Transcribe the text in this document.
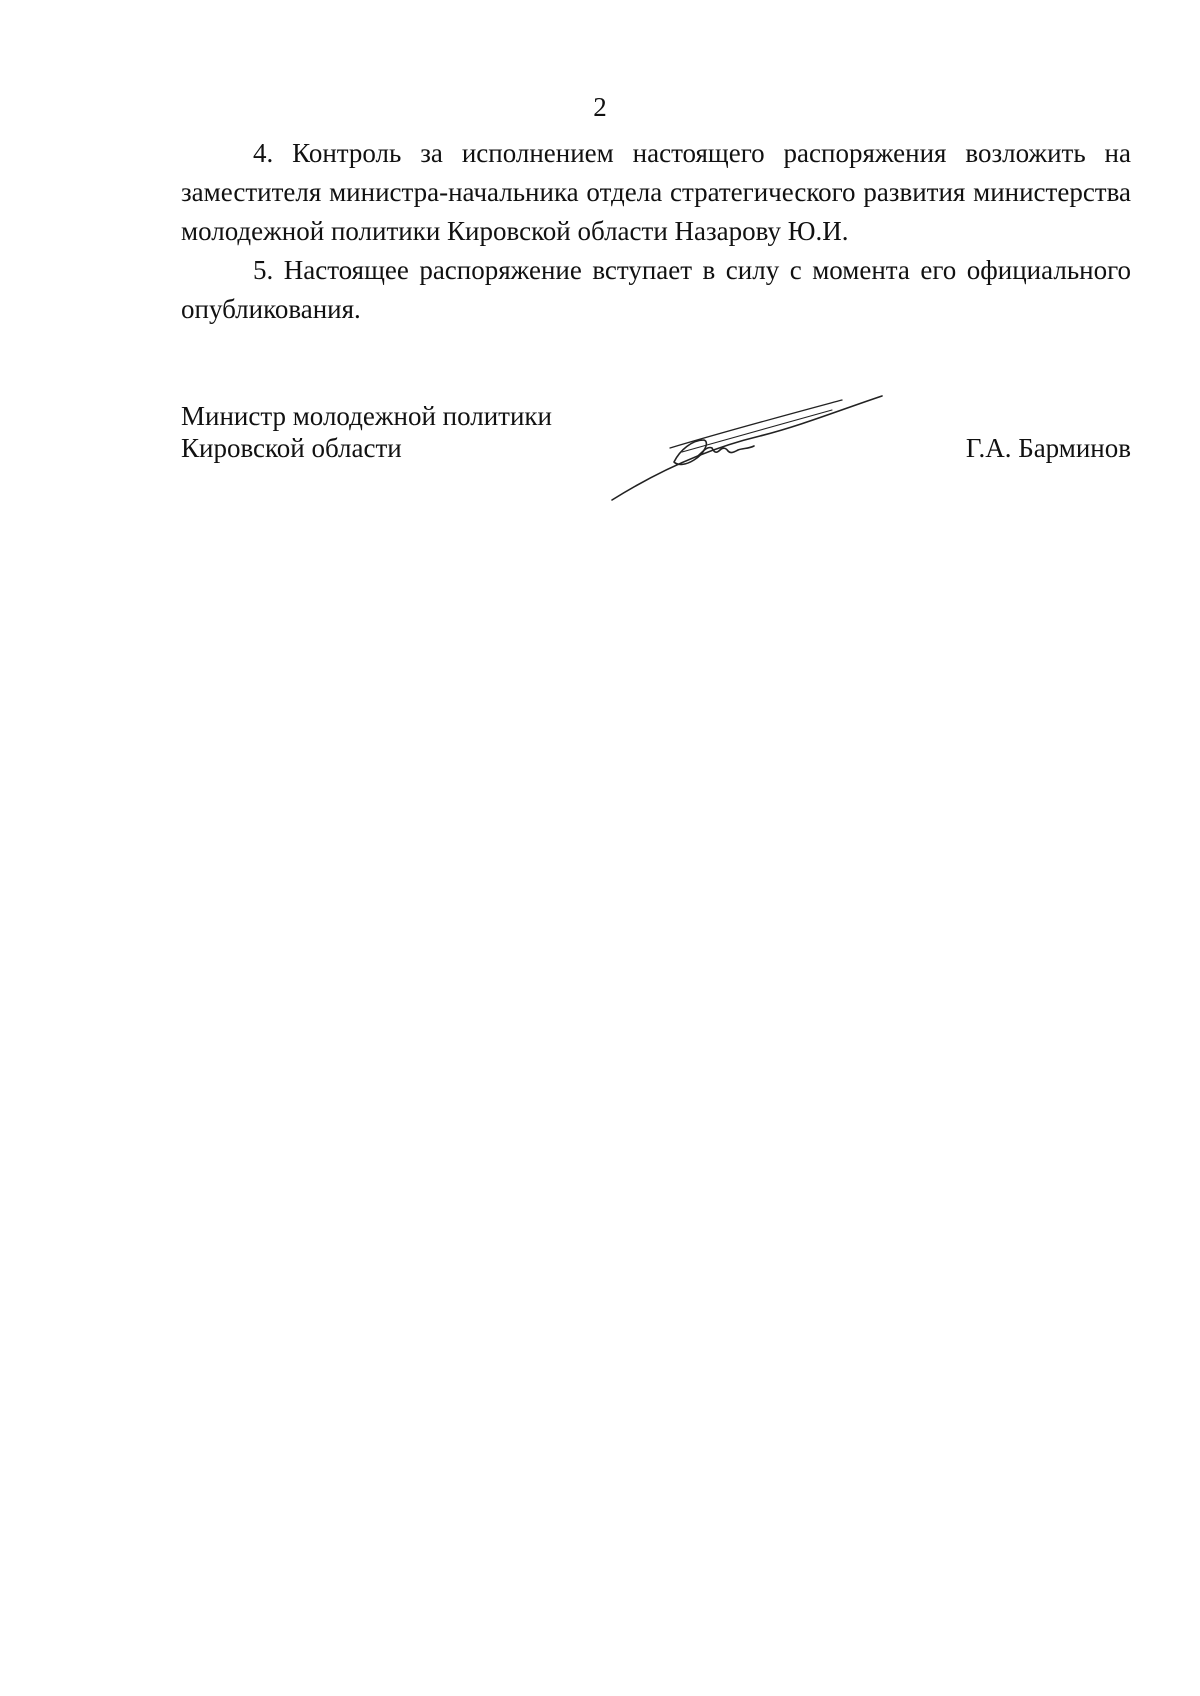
2

4. Контроль за исполнением настоящего распоряжения возложить на заместителя министра-начальника отдела стратегического развития министерства молодежной политики Кировской области Назарову Ю.И.

5. Настоящее распоряжение вступает в силу с момента его официального опубликования.

Министр молодежной политики
Кировской области	Г.А. Барминов
